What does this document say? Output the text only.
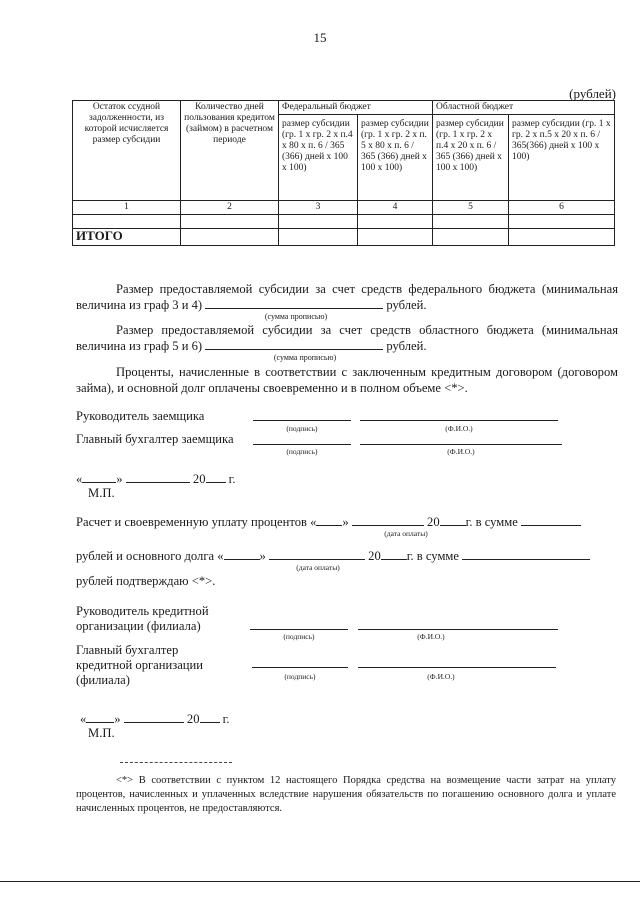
15
(рублей)
Остаток ссудной задолженности, из которой исчисляется размер субсидии	Количество дней пользования кредитом (займом) в расчетном периоде	Федеральный бюджет		Областной бюджет	
		размер субсидии (гр. 1 х гр. 2 х п.4 х 80 х п. 6 / 365 (366) дней х 100 х 100)	размер субсидии (гр. 1 х гр. 2 х п. 5 х 80 х п. 6 / 365 (366) дней х 100 х 100)	размер субсидии (гр. 1 х гр. 2 х п.4 х 20 х п. 6 / 365 (366) дней х 100 х 100)	размер субсидии (гр. 1 х гр. 2 х п.5 х 20 х п. 6 / 365(366) дней х 100 х 100)
1	2	3	4	5	6

ИТОГО					
Размер предоставляемой субсидии за счет средств федерального бюджета (минимальная величина из граф 3 и 4)	рублей.
(сумма прописью)
Размер предоставляемой субсидии за счет средств областного бюджета (минимальная величина из граф 5 и 6)	рублей.
(сумма прописью)
Проценты, начисленные в соответствии с заключенным кредитным договором (договором займа), и основной долг оплачены своевременно и в полном объеме <*>.
Руководитель заемщика
(подпись)	(Ф.И.О.)
Главный бухгалтер заемщика
(подпись)	(Ф.И.О.)
«	»	20 г.
М.П.
Расчет и своевременную уплату процентов « »	20 г. в сумме
(дата оплаты)
рублей и основного долга «	»	20 г. в сумме
(дата оплаты)
рублей подтверждаю <*>.
Руководитель кредитной
организации (филиала)
(подпись)	(Ф.И.О.)
Главный бухгалтер
кредитной организации
(филиала)	(подпись)	(Ф.И.О.)
« »	20 г.
М.П.
<*> В соответствии с пунктом 12 настоящего Порядка средства на возмещение части затрат на уплату процентов, начисленных и уплаченных вследствие нарушения обязательств по погашению основного долга и уплате начисленных процентов, не предоставляются.
